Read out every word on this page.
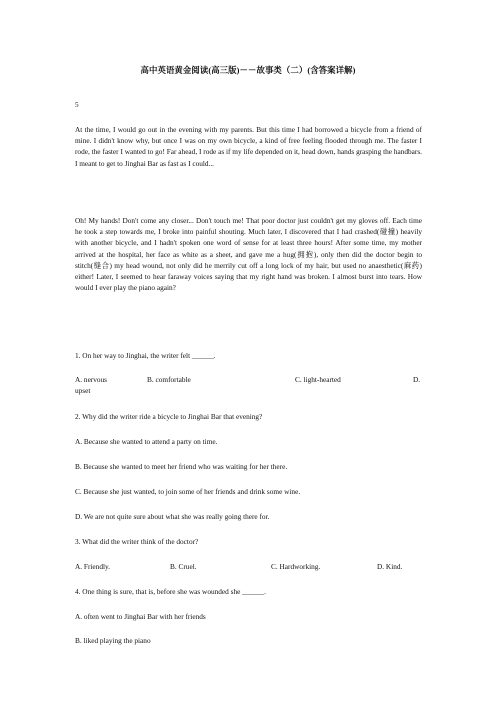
高中英语黄金阅读(高三版)－－故事类（二）(含答案详解)
5
At the time, I would go out in the evening with my parents. But this time I had borrowed a bicycle from a friend of mine. I didn't know why, but once I was on my own bicycle, a kind of free feeling flooded through me. The faster I rode, the faster I wanted to go! Far ahead, I rode as if my life depended on it, head down, hands grasping the handbars. I meant to get to Jinghai Bar as fast as I could...
Oh! My hands! Don't come any closer... Don't touch me! That poor doctor just couldn't get my gloves off. Each time he took a step towards me, I broke into painful shouting. Much later, I discovered that I had crashed(碰撞) heavily with another bicycle, and I hadn't spoken one word of sense for at least three hours! After some time, my mother arrived at the hospital, her face as white as a sheet, and gave me a hug(拥抱), only then did the doctor begin to stitch(缝合) my head wound, not only did he merrily cut off a long lock of my hair, but used no anaesthetic(麻药) either! Later, I seemed to hear faraway voices saying that my right hand was broken. I almost burst into tears. How would I ever play the piano again?
1. On her way to Jinghai, the writer felt ______.
A. nervous	B. comfortable	C. light-hearted	D.
upset
2. Why did the writer ride a bicycle to Jinghai Bar that evening?
A. Because she wanted to attend a party on time.
B. Because she wanted to meet her friend who was waiting for her there.
C. Because she just wanted, to join some of her friends and drink some wine.
D. We are not quite sure about what she was really going there for.
3. What did the writer think of the doctor?
A. Friendly.	B. Cruel.	C. Hardworking.	D. Kind.
4. One thing is sure, that is, before she was wounded she ______.
A. often went to Jinghai Bar with her friends
B. liked playing the piano
